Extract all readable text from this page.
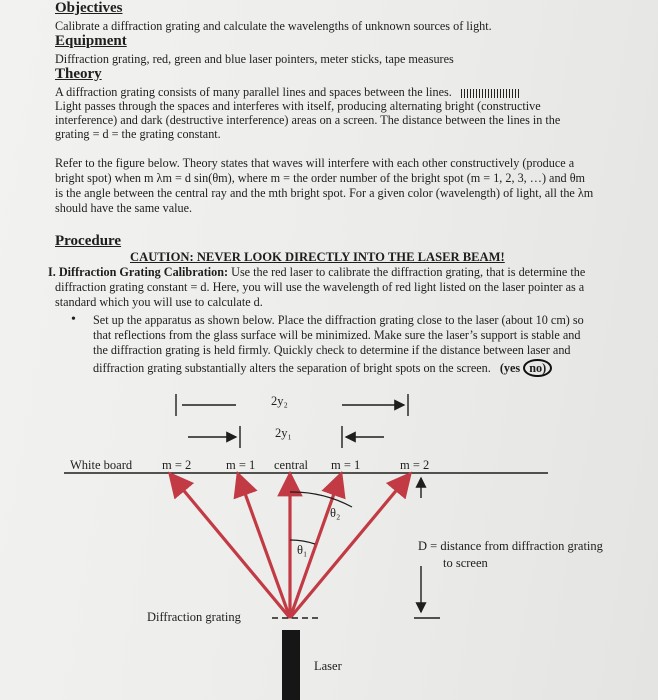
Objectives
Calibrate a diffraction grating and calculate the wavelengths of unknown sources of light.
Equipment
Diffraction grating, red, green and blue laser pointers, meter sticks, tape measures
Theory
A diffraction grating consists of many parallel lines and spaces between the lines.
Light passes through the spaces and interferes with itself, producing alternating bright (constructive
interference) and dark (destructive interference) areas on a screen. The distance between the lines in the
grating = d = the grating constant.
Refer to the figure below. Theory states that waves will interfere with each other constructively (produce a
bright spot) when m λm = d sin(θm), where m = the order number of the bright spot (m = 1, 2, 3, …) and θm
is the angle between the central ray and the mth bright spot. For a given color (wavelength) of light, all the λm
should have the same value.
Procedure
CAUTION: NEVER LOOK DIRECTLY INTO THE LASER BEAM!
I. Diffraction Grating Calibration: Use the red laser to calibrate the diffraction grating, that is determine the
diffraction grating constant = d. Here, you will use the wavelength of red light listed on the laser pointer as a
standard which you will use to calculate d.
• Set up the apparatus as shown below. Place the diffraction grating close to the laser (about 10 cm) so
that reflections from the glass surface will be minimized. Make sure the laser’s support is stable and
the diffraction grating is held firmly. Quickly check to determine if the distance between laser and
diffraction grating substantially alters the separation of bright spots on the screen. (yes no)
2y₂
2y₁
White board m = 2	m = 1 central m = 1	m = 2
θ₂
θ₁	D = distance from diffraction grating
to screen
Diffraction grating
Laser
